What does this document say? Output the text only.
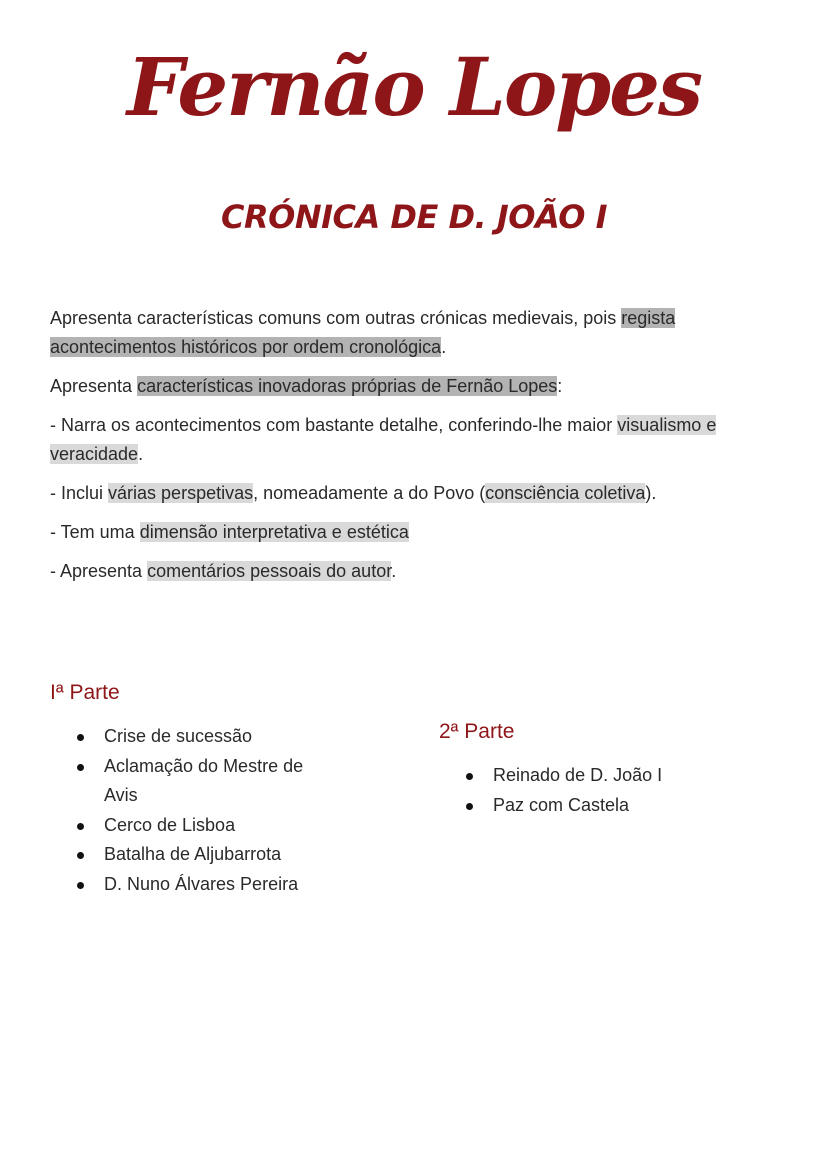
Fernão Lopes
CRÓNICA DE D. JOÃO I

Apresenta características comuns com outras crónicas medievais, pois regista acontecimentos históricos por ordem cronológica.

Apresenta características inovadoras próprias de Fernão Lopes:

- Narra os acontecimentos com bastante detalhe, conferindo-lhe maior visualismo e veracidade.

- Inclui várias perspetivas, nomeadamente a do Povo (consciência coletiva).

- Tem uma dimensão interpretativa e estética

- Apresenta comentários pessoais do autor.

Iª Parte
Crise de sucessão
Aclamação do Mestre de Avis
Cerco de Lisboa
Batalha de Aljubarrota
D. Nuno Álvares Pereira
2ª Parte
Reinado de D. João I
Paz com Castela
